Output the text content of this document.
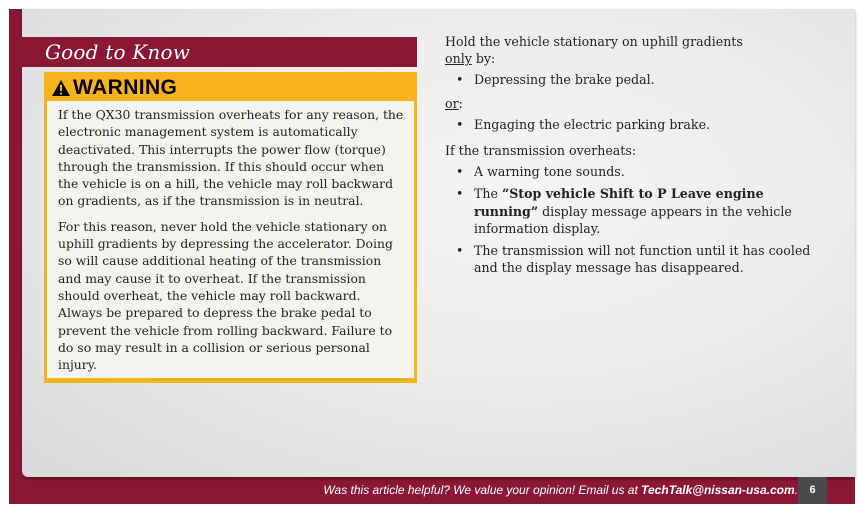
Good to Know
WARNING

If the QX30 transmission overheats for any reason, the electronic management system is automatically deactivated. This interrupts the power flow (torque) through the transmission. If this should occur when the vehicle is on a hill, the vehicle may roll backward on gradients, as if the transmission is in neutral.

For this reason, never hold the vehicle stationary on uphill gradients by depressing the accelerator. Doing so will cause additional heating of the transmission and may cause it to overheat. If the transmission should overheat, the vehicle may roll backward. Always be prepared to depress the brake pedal to prevent the vehicle from rolling backward. Failure to do so may result in a collision or serious personal injury.

Hold the vehicle stationary on uphill gradients
only by:

• Depressing the brake pedal.

or:

• Engaging the electric parking brake.

If the transmission overheats:

• A warning tone sounds.
• The “Stop vehicle Shift to P Leave engine running” display message appears in the vehicle information display.
• The transmission will not function until it has cooled and the display message has disappeared.
Was this article helpful? We value your opinion! Email us at TechTalk@nissan-usa.com.	6
